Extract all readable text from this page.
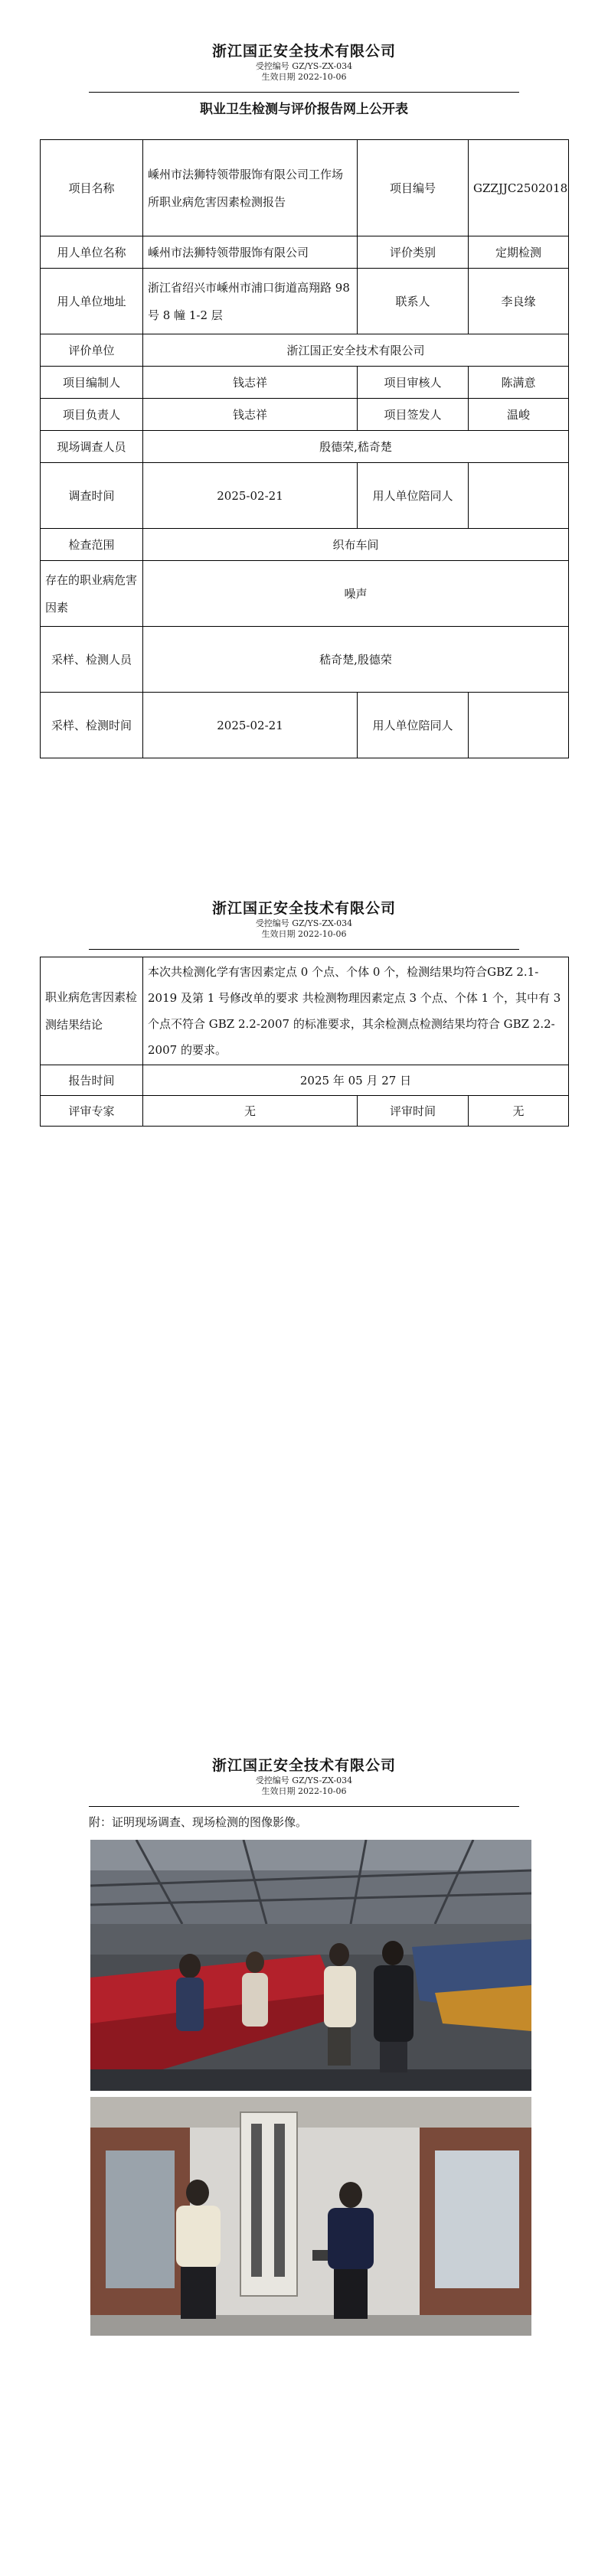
浙江国正安全技术有限公司
受控编号 GZ/YS-ZX-034
生效日期 2022-10-06
职业卫生检测与评价报告网上公开表
项目名称	嵊州市法狮特领带服饰有限公司工作场所职业病危害因素检测报告	项目编号	GZZJJC2502018
用人单位名称	嵊州市法狮特领带服饰有限公司	评价类别	定期检测
用人单位地址	浙江省绍兴市嵊州市浦口街道高翔路 98 号 8 幢 1-2 层	联系人	李良缘
评价单位	浙江国正安全技术有限公司		
项目编制人	钱志祥	项目审核人	陈满意
项目负责人	钱志祥	项目签发人	温峻
现场调查人员	殷德荣,嵇奇楚		
调查时间	2025-02-21	用人单位陪同人	
检查范围	织布车间		
存在的职业病危害因素	噪声		
采样、检测人员	嵇奇楚,殷德荣		
采样、检测时间	2025-02-21	用人单位陪同人	
浙江国正安全技术有限公司
受控编号 GZ/YS-ZX-034
生效日期 2022-10-06
职业病危害因素检测结果结论	本次共检测化学有害因素定点 0 个点、个体 0 个，检测结果均符合GBZ 2.1-2019 及第 1 号修改单的要求 共检测物理因素定点 3 个点、个体 1 个，其中有 3 个点不符合 GBZ 2.2-2007 的标准要求，其余检测点检测结果均符合 GBZ 2.2-2007 的要求。		
报告时间	2025 年 05 月 27 日		
评审专家	无	评审时间	无
浙江国正安全技术有限公司
受控编号 GZ/YS-ZX-034
生效日期 2022-10-06
附：证明现场调查、现场检测的图像影像。
